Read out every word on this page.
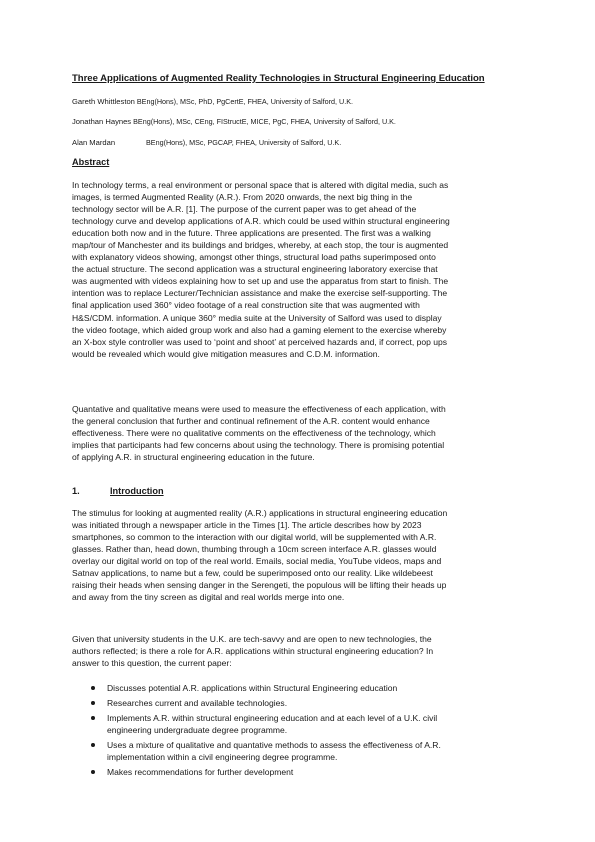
Three Applications of Augmented Reality Technologies in Structural Engineering Education
Gareth Whittleston BEng(Hons), MSc, PhD, PgCertE, FHEA, University of Salford, U.K.
Jonathan Haynes BEng(Hons), MSc, CEng, FIStructE, MICE, PgC, FHEA, University of Salford, U.K.
Alan Mardan	BEng(Hons), MSc, PGCAP, FHEA, University of Salford, U.K.
Abstract
In technology terms, a real environment or personal space that is altered with digital media, such as
images, is termed Augmented Reality (A.R.). From 2020 onwards, the next big thing in the
technology sector will be A.R. [1]. The purpose of the current paper was to get ahead of the
technology curve and develop applications of A.R. which could be used within structural engineering
education both now and in the future. Three applications are presented. The first was a walking
map/tour of Manchester and its buildings and bridges, whereby, at each stop, the tour is augmented
with explanatory videos showing, amongst other things, structural load paths superimposed onto
the actual structure. The second application was a structural engineering laboratory exercise that
was augmented with videos explaining how to set up and use the apparatus from start to finish. The
intention was to replace Lecturer/Technician assistance and make the exercise self-supporting. The
final application used 360° video footage of a real construction site that was augmented with
H&S/CDM. information. A unique 360° media suite at the University of Salford was used to display
the video footage, which aided group work and also had a gaming element to the exercise whereby
an X-box style controller was used to ‘point and shoot’ at perceived hazards and, if correct, pop ups
would be revealed which would give mitigation measures and C.D.M. information.
Quantative and qualitative means were used to measure the effectiveness of each application, with
the general conclusion that further and continual refinement of the A.R. content would enhance
effectiveness. There were no qualitative comments on the effectiveness of the technology, which
implies that participants had few concerns about using the technology. There is promising potential
of applying A.R. in structural engineering education in the future.
1.	Introduction
The stimulus for looking at augmented reality (A.R.) applications in structural engineering education
was initiated through a newspaper article in the Times [1]. The article describes how by 2023
smartphones, so common to the interaction with our digital world, will be supplemented with A.R.
glasses. Rather than, head down, thumbing through a 10cm screen interface A.R. glasses would
overlay our digital world on top of the real world. Emails, social media, YouTube videos, maps and
Satnav applications, to name but a few, could be superimposed onto our reality. Like wildebeest
raising their heads when sensing danger in the Serengeti, the populous will be lifting their heads up
and away from the tiny screen as digital and real worlds merge into one.
Given that university students in the U.K. are tech-savvy and are open to new technologies, the
authors reflected; is there a role for A.R. applications within structural engineering education? In
answer to this question, the current paper:
Discusses potential A.R. applications within Structural Engineering education
Researches current and available technologies.
Implements A.R. within structural engineering education and at each level of a U.K. civil
engineering undergraduate degree programme.
Uses a mixture of qualitative and quantative methods to assess the effectiveness of A.R.
implementation within a civil engineering degree programme.
Makes recommendations for further development
